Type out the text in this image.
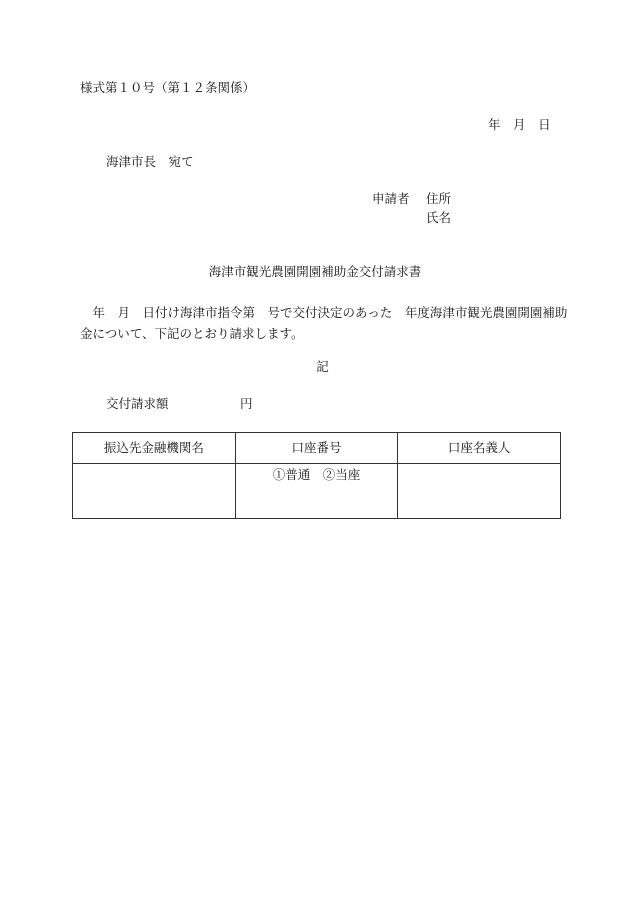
様式第１０号（第１２条関係）
年　 月　 日
海津市長　宛て
申請者 住所
氏名
海津市観光農園開園補助金交付請求書
　年　月　日付け海津市指令第　号で交付決定のあった　年度海津市観光農園開園補助金について、下記のとおり請求します。
記
交付請求額	円
振込先金融機関名	口座番号	口座名義人
	①普通　②当座	
